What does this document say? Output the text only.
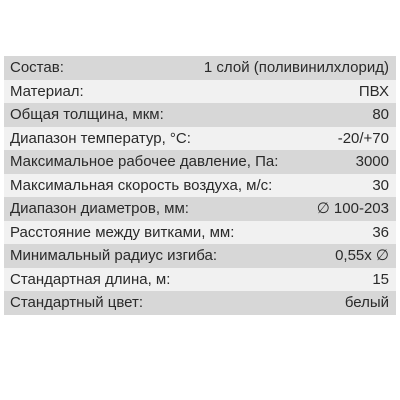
Состав:	1 слой (поливинилхлорид)
Материал:	ПВХ
Общая толщина, мкм:	80
Диапазон температур, °С:	-20/+70
Максимальное рабочее давление, Па:	3000
Максимальная скорость воздуха, м/с:	30
Диапазон диаметров, мм:	∅ 100-203
Расстояние между витками, мм:	36
Минимальный радиус изгиба:	0,55x ∅
Стандартная длина, м:	15
Стандартный цвет:	белый
